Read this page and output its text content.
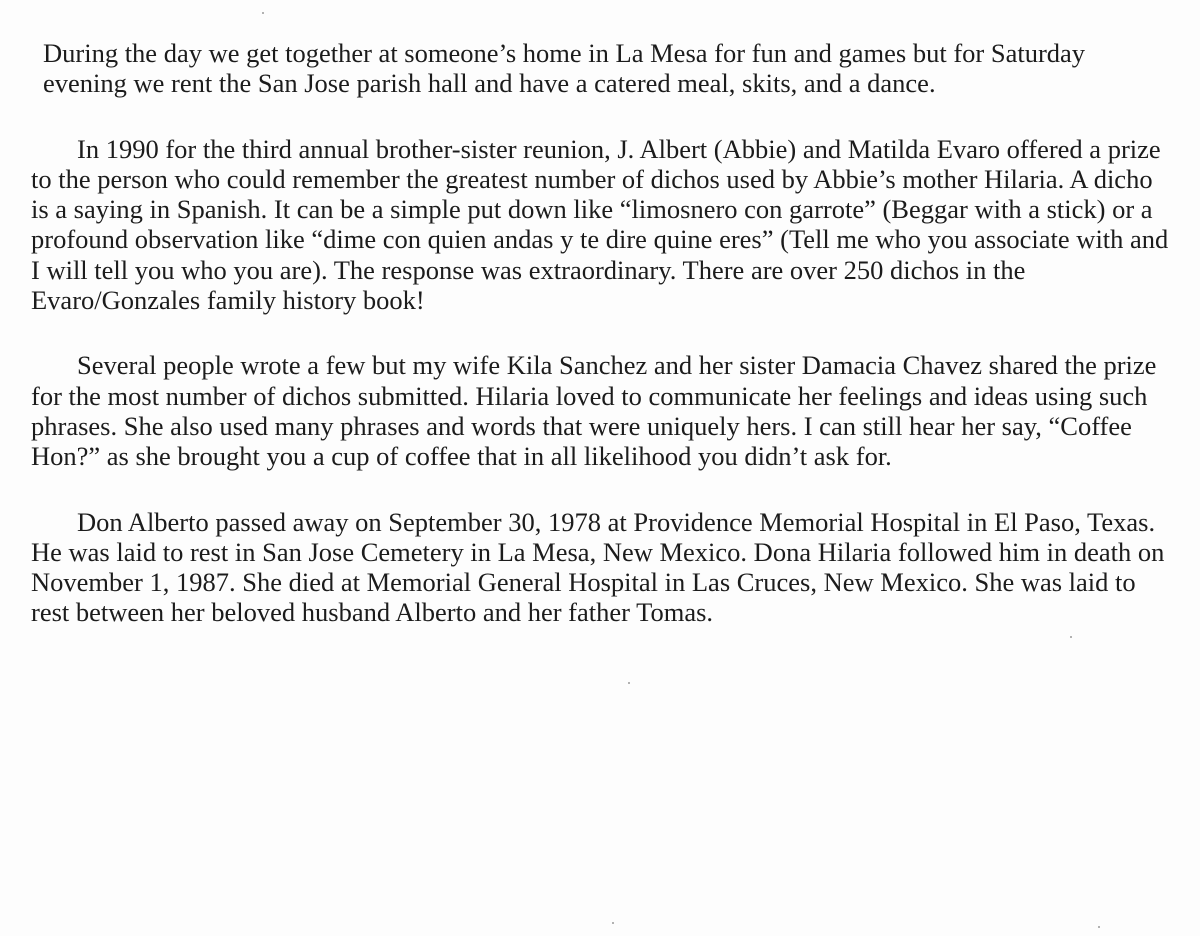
During the day we get together at someone’s home in La Mesa for fun and games but for Saturday evening we rent the San Jose parish hall and have a catered meal, skits, and a dance.

In 1990 for the third annual brother-sister reunion, J. Albert (Abbie) and Matilda Evaro offered a prize to the person who could remember the greatest number of dichos used by Abbie’s mother Hilaria. A dicho is a saying in Spanish. It can be a simple put down like “limosnero con garrote” (Beggar with a stick) or a profound observation like “dime con quien andas y te dire quine eres” (Tell me who you associate with and I will tell you who you are). The response was extraordinary. There are over 250 dichos in the Evaro/Gonzales family history book!

Several people wrote a few but my wife Kila Sanchez and her sister Damacia Chavez shared the prize for the most number of dichos submitted. Hilaria loved to communicate her feelings and ideas using such phrases. She also used many phrases and words that were uniquely hers. I can still hear her say, “Coffee Hon?” as she brought you a cup of coffee that in all likelihood you didn’t ask for.

Don Alberto passed away on September 30, 1978 at Providence Memorial Hospital in El Paso, Texas. He was laid to rest in San Jose Cemetery in La Mesa, New Mexico. Dona Hilaria followed him in death on November 1, 1987. She died at Memorial General Hospital in Las Cruces, New Mexico. She was laid to rest between her beloved husband Alberto and her father Tomas.
